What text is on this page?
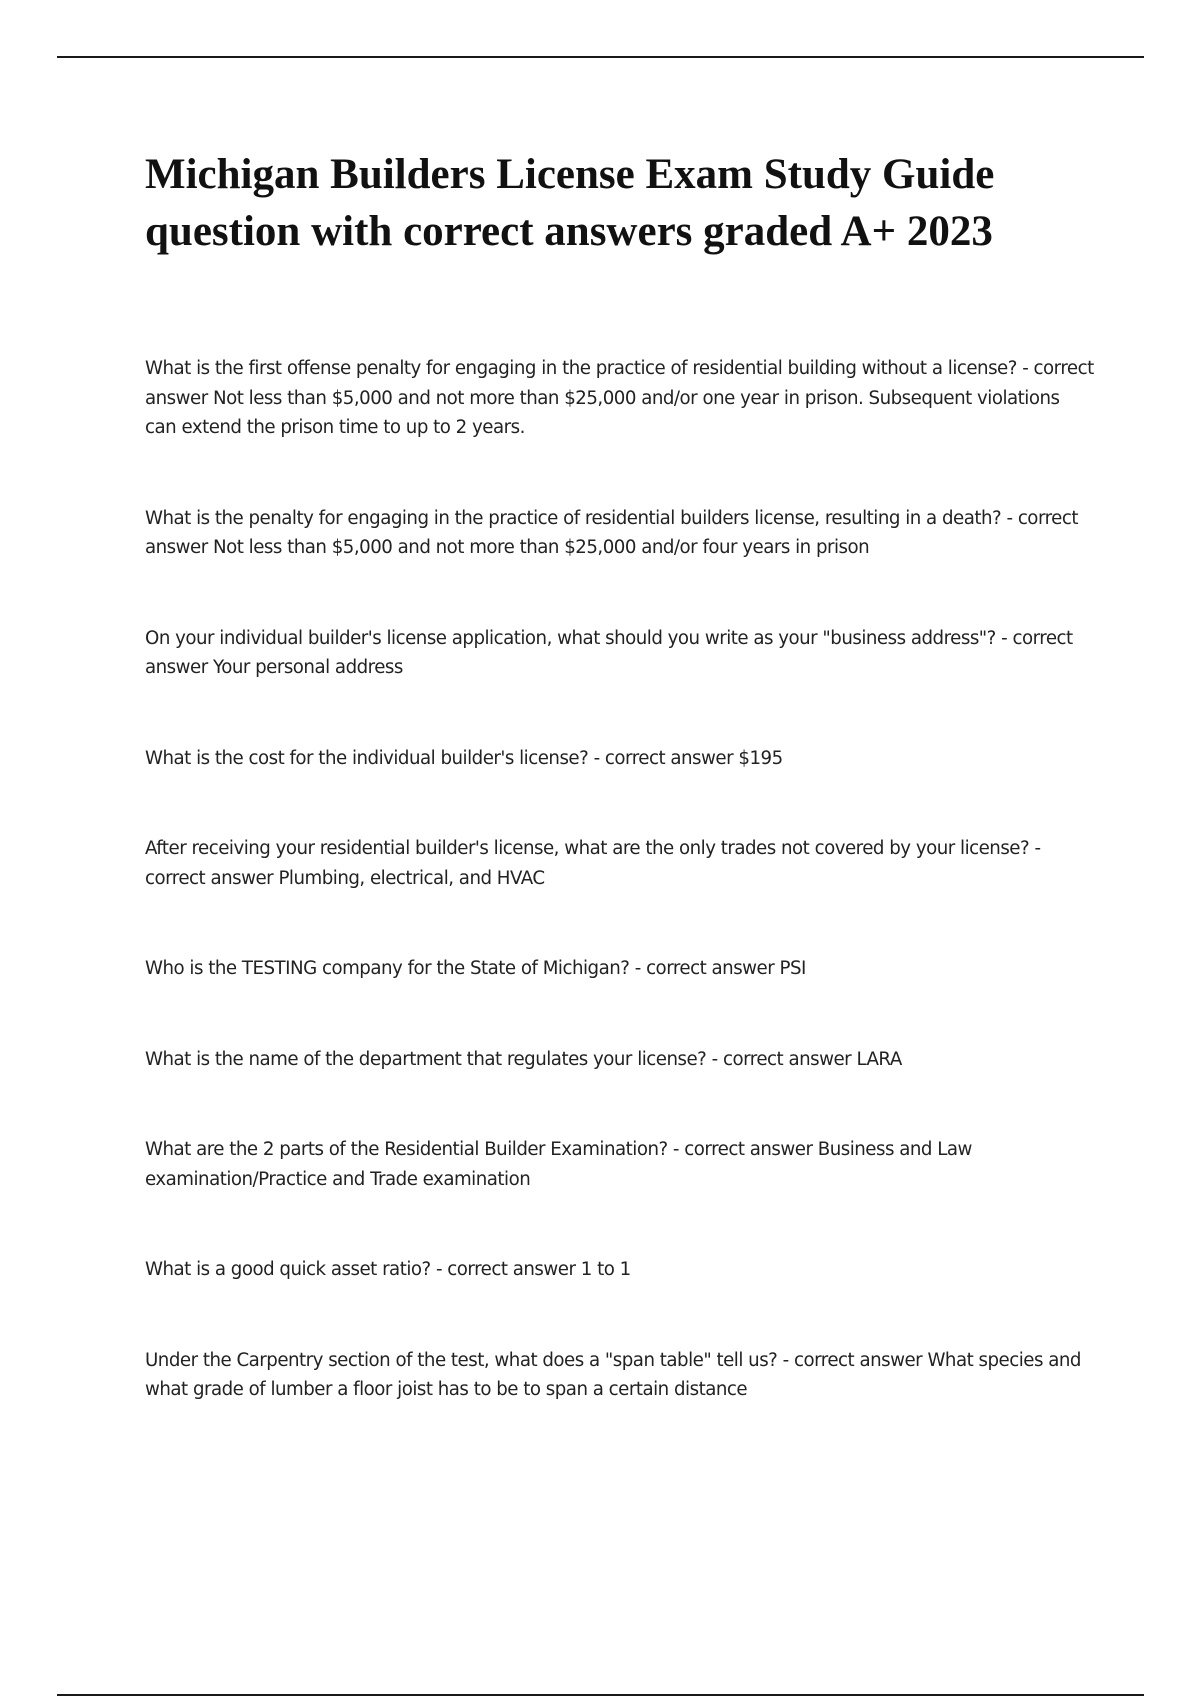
Michigan Builders License Exam Study Guide question with correct answers graded A+ 2023

What is the first offense penalty for engaging in the practice of residential building without a license? - correct answer Not less than $5,000 and not more than $25,000 and/or one year in prison. Subsequent violations can extend the prison time to up to 2 years.

What is the penalty for engaging in the practice of residential builders license, resulting in a death? - correct answer Not less than $5,000 and not more than $25,000 and/or four years in prison

On your individual builder's license application, what should you write as your "business address"? - correct answer Your personal address

What is the cost for the individual builder's license? - correct answer $195

After receiving your residential builder's license, what are the only trades not covered by your license? - correct answer Plumbing, electrical, and HVAC

Who is the TESTING company for the State of Michigan? - correct answer PSI

What is the name of the department that regulates your license? - correct answer LARA

What are the 2 parts of the Residential Builder Examination? - correct answer Business and Law examination/Practice and Trade examination

What is a good quick asset ratio? - correct answer 1 to 1

Under the Carpentry section of the test, what does a "span table" tell us? - correct answer What species and what grade of lumber a floor joist has to be to span a certain distance
